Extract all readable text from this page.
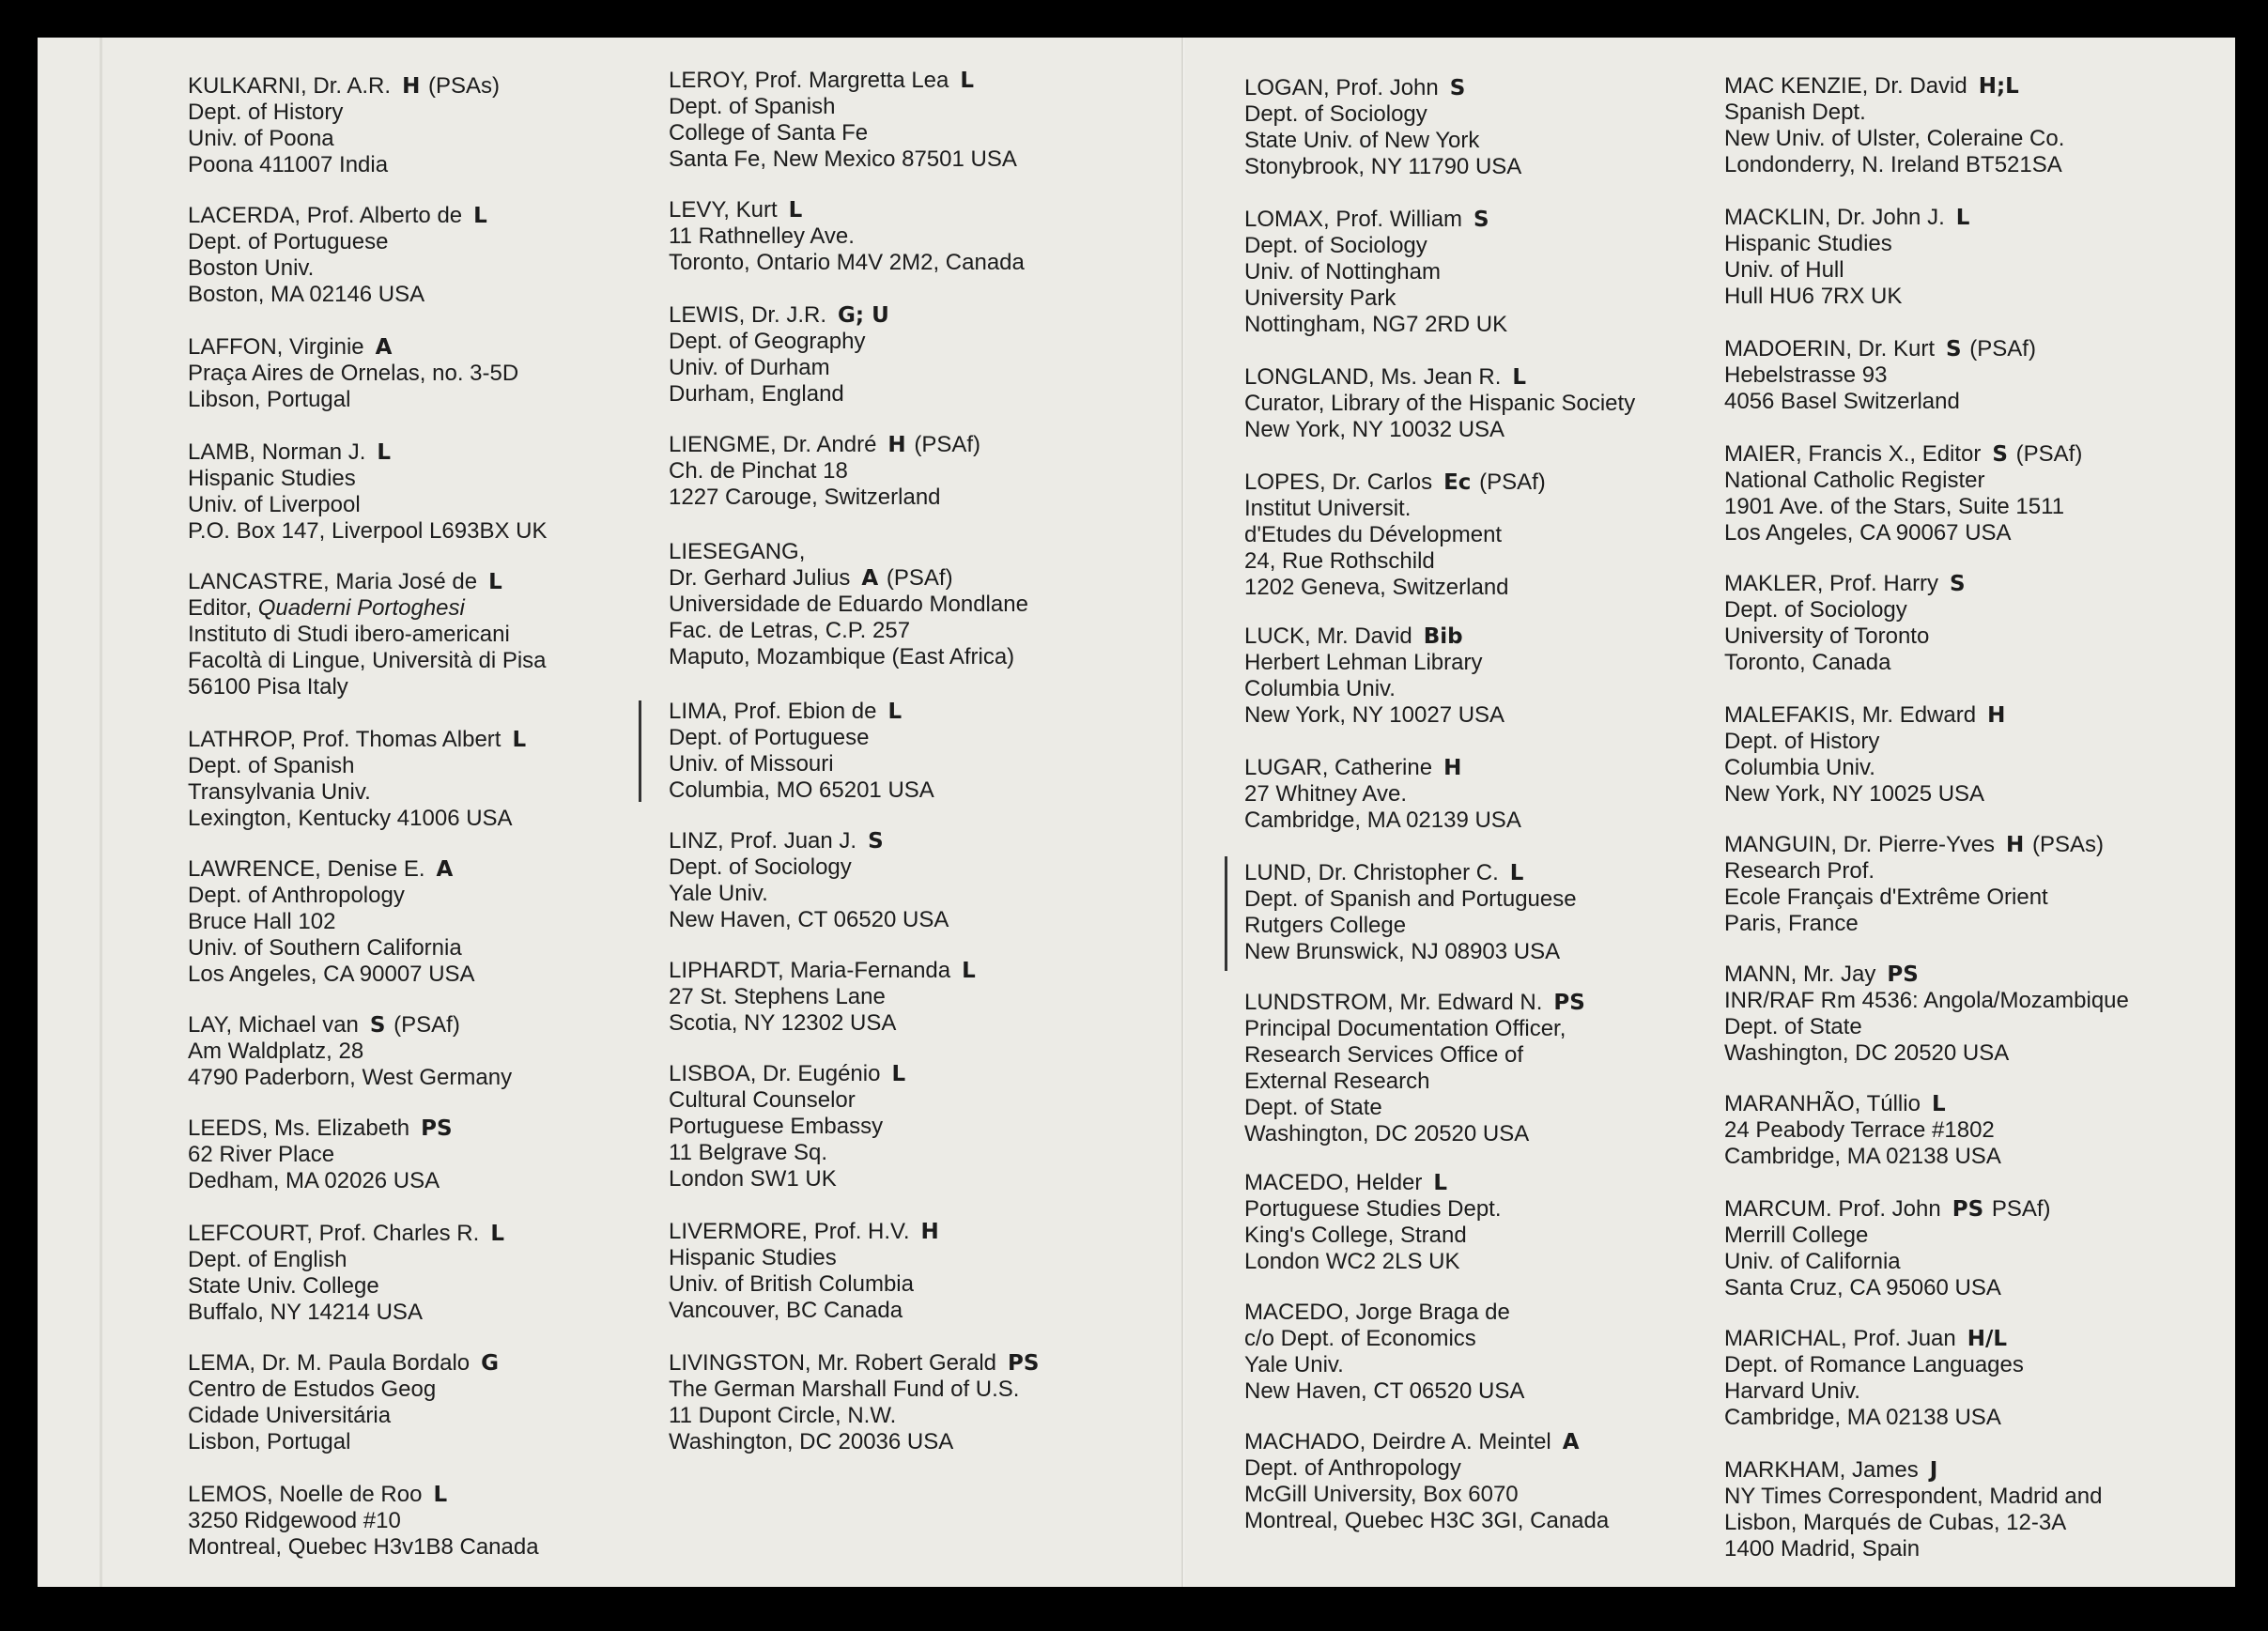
KULKARNI, Dr. A.R. H (PSAs)
Dept. of History
Univ. of Poona
Poona 411007 India
LACERDA, Prof. Alberto de L
Dept. of Portuguese
Boston Univ.
Boston, MA 02146 USA
LAFFON, Virginie A
Praça Aires de Ornelas, no. 3-5D
Libson, Portugal
LAMB, Norman J. L
Hispanic Studies
Univ. of Liverpool
P.O. Box 147, Liverpool L693BX UK
LANCASTRE, Maria José de L
Editor, Quaderni Portoghesi
Instituto di Studi ibero-americani
Facoltà di Lingue, Università di Pisa
56100 Pisa Italy
LATHROP, Prof. Thomas Albert L
Dept. of Spanish
Transylvania Univ.
Lexington, Kentucky 41006 USA
LAWRENCE, Denise E. A
Dept. of Anthropology
Bruce Hall 102
Univ. of Southern California
Los Angeles, CA 90007 USA
LAY, Michael van S (PSAf)
Am Waldplatz, 28
4790 Paderborn, West Germany
LEEDS, Ms. Elizabeth PS
62 River Place
Dedham, MA 02026 USA
LEFCOURT, Prof. Charles R. L
Dept. of English
State Univ. College
Buffalo, NY 14214 USA
LEMA, Dr. M. Paula Bordalo G
Centro de Estudos Geog
Cidade Universitária
Lisbon, Portugal
LEMOS, Noelle de Roo L
3250 Ridgewood #10
Montreal, Quebec H3v1B8 Canada
LEROY, Prof. Margretta Lea L
Dept. of Spanish
College of Santa Fe
Santa Fe, New Mexico 87501 USA
LEVY, Kurt L
11 Rathnelley Ave.
Toronto, Ontario M4V 2M2, Canada
LEWIS, Dr. J.R. G; U
Dept. of Geography
Univ. of Durham
Durham, England
LIENGME, Dr. André H (PSAf)
Ch. de Pinchat 18
1227 Carouge, Switzerland
LIESEGANG,
Dr. Gerhard Julius A (PSAf)
Universidade de Eduardo Mondlane
Fac. de Letras, C.P. 257
Maputo, Mozambique (East Africa)
LIMA, Prof. Ebion de L
Dept. of Portuguese
Univ. of Missouri
Columbia, MO 65201 USA
LINZ, Prof. Juan J. S
Dept. of Sociology
Yale Univ.
New Haven, CT 06520 USA
LIPHARDT, Maria-Fernanda L
27 St. Stephens Lane
Scotia, NY 12302 USA
LISBOA, Dr. Eugénio L
Cultural Counselor
Portuguese Embassy
11 Belgrave Sq.
London SW1 UK
LIVERMORE, Prof. H.V. H
Hispanic Studies
Univ. of British Columbia
Vancouver, BC Canada
LIVINGSTON, Mr. Robert Gerald PS
The German Marshall Fund of U.S.
11 Dupont Circle, N.W.
Washington, DC 20036 USA
LOGAN, Prof. John S
Dept. of Sociology
State Univ. of New York
Stonybrook, NY 11790 USA
LOMAX, Prof. William S
Dept. of Sociology
Univ. of Nottingham
University Park
Nottingham, NG7 2RD UK
LONGLAND, Ms. Jean R. L
Curator, Library of the Hispanic Society
New York, NY 10032 USA
LOPES, Dr. Carlos Ec (PSAf)
Institut Universit.
d'Etudes du Dévelopment
24, Rue Rothschild
1202 Geneva, Switzerland
LUCK, Mr. David Bib
Herbert Lehman Library
Columbia Univ.
New York, NY 10027 USA
LUGAR, Catherine H
27 Whitney Ave.
Cambridge, MA 02139 USA
LUND, Dr. Christopher C. L
Dept. of Spanish and Portuguese
Rutgers College
New Brunswick, NJ 08903 USA
LUNDSTROM, Mr. Edward N. PS
Principal Documentation Officer,
Research Services Office of
External Research
Dept. of State
Washington, DC 20520 USA
MACEDO, Helder L
Portuguese Studies Dept.
King's College, Strand
London WC2 2LS UK
MACEDO, Jorge Braga de
c/o Dept. of Economics
Yale Univ.
New Haven, CT 06520 USA
MACHADO, Deirdre A. Meintel A
Dept. of Anthropology
McGill University, Box 6070
Montreal, Quebec H3C 3GI, Canada
MAC KENZIE, Dr. David H;L
Spanish Dept.
New Univ. of Ulster, Coleraine Co.
Londonderry, N. Ireland BT521SA
MACKLIN, Dr. John J. L
Hispanic Studies
Univ. of Hull
Hull HU6 7RX UK
MADOERIN, Dr. Kurt S (PSAf)
Hebelstrasse 93
4056 Basel Switzerland
MAIER, Francis X., Editor S (PSAf)
National Catholic Register
1901 Ave. of the Stars, Suite 1511
Los Angeles, CA 90067 USA
MAKLER, Prof. Harry S
Dept. of Sociology
University of Toronto
Toronto, Canada
MALEFAKIS, Mr. Edward H
Dept. of History
Columbia Univ.
New York, NY 10025 USA
MANGUIN, Dr. Pierre-Yves H (PSAs)
Research Prof.
Ecole Français d'Extrême Orient
Paris, France
MANN, Mr. Jay PS
INR/RAF Rm 4536: Angola/Mozambique
Dept. of State
Washington, DC 20520 USA
MARANHÃO, Túllio L
24 Peabody Terrace #1802
Cambridge, MA 02138 USA
MARCUM. Prof. John PS PSAf)
Merrill College
Univ. of California
Santa Cruz, CA 95060 USA
MARICHAL, Prof. Juan H/L
Dept. of Romance Languages
Harvard Univ.
Cambridge, MA 02138 USA
MARKHAM, James J
NY Times Correspondent, Madrid and
Lisbon, Marqués de Cubas, 12-3A
1400 Madrid, Spain
